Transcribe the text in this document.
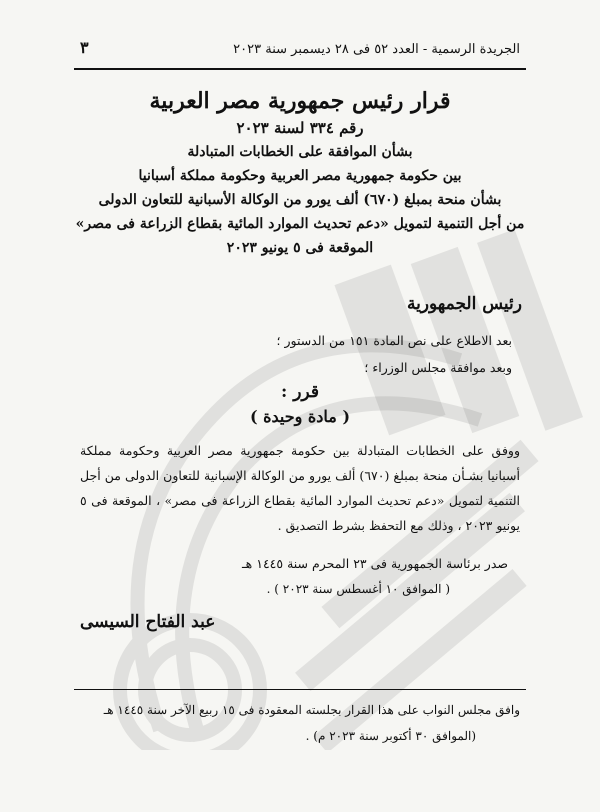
الجريدة الرسمية - العدد ٥٢ فى ٢٨ ديسمبر سنة ٢٠٢٣
٣

قرار رئيس جمهورية مصر العربية

رقم ٣٣٤ لسنة ٢٠٢٣

بشأن الموافقة على الخطابات المتبادلة

بين حكومة جمهورية مصر العربية وحكومة مملكة أسبانيا

بشأن منحة بمبلغ (٦٧٠) ألف يورو من الوكالة الأسبانية للتعاون الدولى

من أجل التنمية لتمويل «دعم تحديث الموارد المائية بقطاع الزراعة فى مصر»

الموقعة فى ٥ يونيو ٢٠٢٣

رئيس الجمهورية
بعد الاطلاع على نص المادة ١٥١ من الدستور ؛
وبعد موافقة مجلس الوزراء ؛
قرر :
( مادة وحيدة )

ووفق على الخطابات المتبادلة بين حكومة جمهورية مصر العربية وحكومة مملكة أسبانيا بشـأن منحة بمبلغ (٦٧٠) ألف يورو من الوكالة الإسبانية للتعاون الدولى من أجل التنمية لتمويل «دعم تحديث الموارد المائية بقطاع الزراعة فى مصر» ، الموقعة فى ٥ يونيو ٢٠٢٣ ، وذلك مع التحفظ بشرط التصديق .

صدر برئاسة الجمهورية فى ٢٣ المحرم سنة ١٤٤٥ هـ
( الموافق ١٠ أغسطس سنة ٢٠٢٣ ) .
عبد الفتاح السيسى
وافق مجلس النواب على هذا القرار بجلسته المعقودة فى ١٥ ربيع الآخر سنة ١٤٤٥ هـ
(الموافق ٣٠ أكتوبر سنة ٢٠٢٣ م) .
